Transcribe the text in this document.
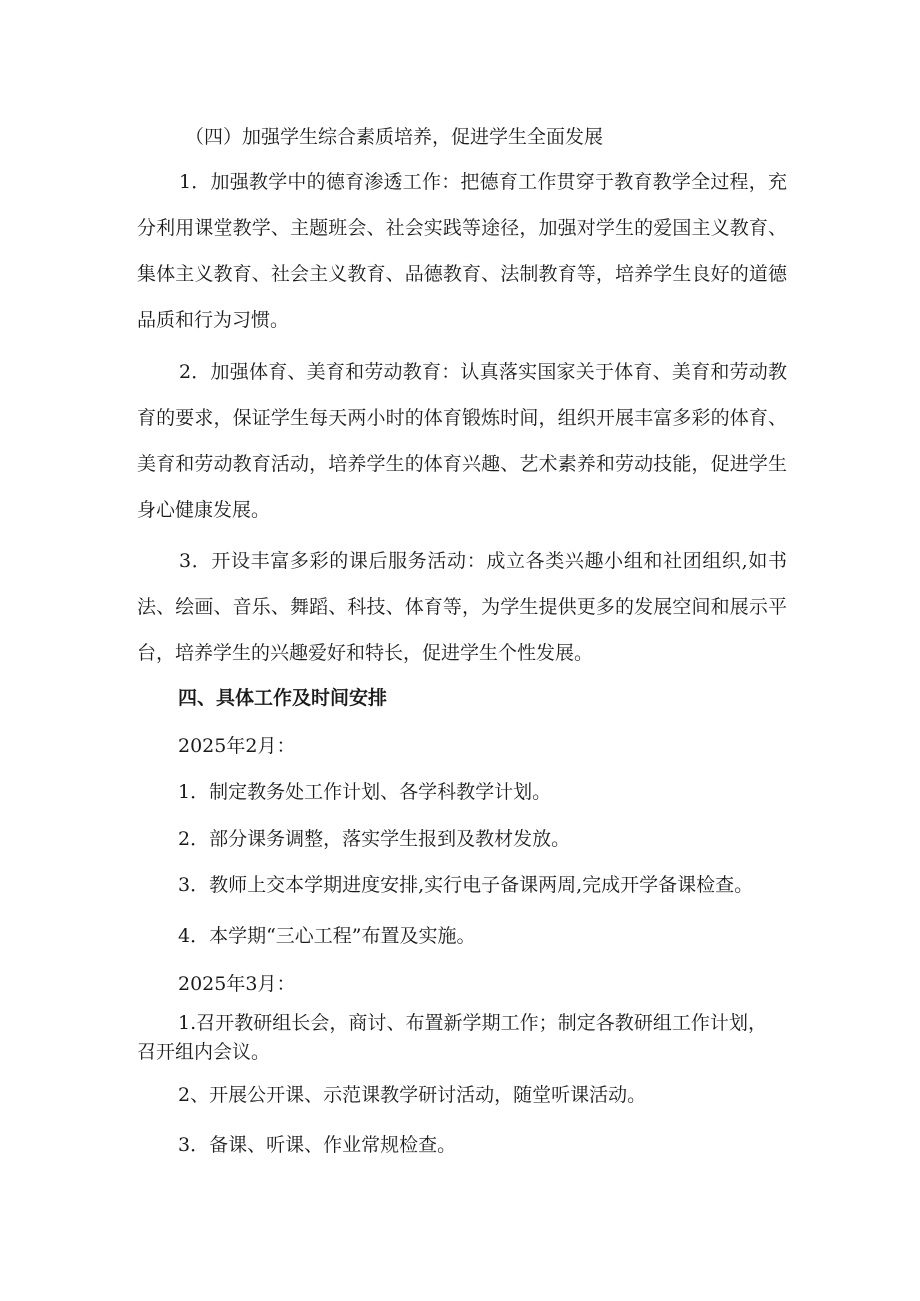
（四）加强学生综合素质培养，促进学生全面发展
1．加强教学中的德育渗透工作：把德育工作贯穿于教育教学全过程，充分利用课堂教学、主题班会、社会实践等途径，加强对学生的爱国主义教育、集体主义教育、社会主义教育、品德教育、法制教育等，培养学生良好的道德品质和行为习惯。
2．加强体育、美育和劳动教育：认真落实国家关于体育、美育和劳动教育的要求，保证学生每天两小时的体育锻炼时间，组织开展丰富多彩的体育、美育和劳动教育活动，培养学生的体育兴趣、艺术素养和劳动技能，促进学生身心健康发展。
3．开设丰富多彩的课后服务活动：成立各类兴趣小组和社团组织,如书法、绘画、音乐、舞蹈、科技、体育等，为学生提供更多的发展空间和展示平台，培养学生的兴趣爱好和特长，促进学生个性发展。
四、具体工作及时间安排
2025年2月：
1．制定教务处工作计划、各学科教学计划。
2．部分课务调整，落实学生报到及教材发放。
3．教师上交本学期进度安排,实行电子备课两周,完成开学备课检查。
4．本学期“三心工程”布置及实施。
2025年3月：
1.召开教研组长会，商讨、布置新学期工作；制定各教研组工作计划，召开组内会议。
2、开展公开课、示范课教学研讨活动，随堂听课活动。
3．备课、听课、作业常规检查。
